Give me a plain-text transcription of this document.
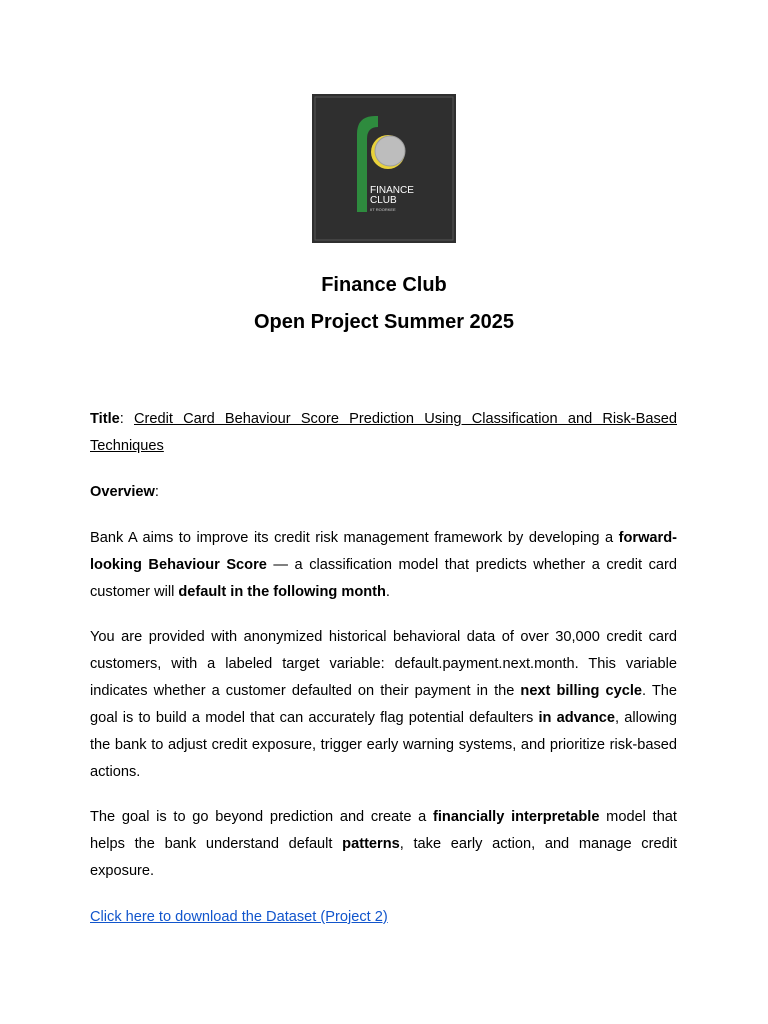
FINANCE
CLUB
IIT ROORKEE
Finance Club
Open Project Summer 2025

Title: Credit Card Behaviour Score Prediction Using Classification and Risk-Based Techniques

Overview:

Bank A aims to improve its credit risk management framework by developing a forward-looking Behaviour Score — a classification model that predicts whether a credit card customer will default in the following month.

You are provided with anonymized historical behavioral data of over 30,000 credit card customers, with a labeled target variable: default.payment.next.month. This variable indicates whether a customer defaulted on their payment in the next billing cycle. The goal is to build a model that can accurately flag potential defaulters in advance, allowing the bank to adjust credit exposure, trigger early warning systems, and prioritize risk-based actions.

The goal is to go beyond prediction and create a financially interpretable model that helps the bank understand default patterns, take early action, and manage credit exposure.

Click here to download the Dataset (Project 2)
